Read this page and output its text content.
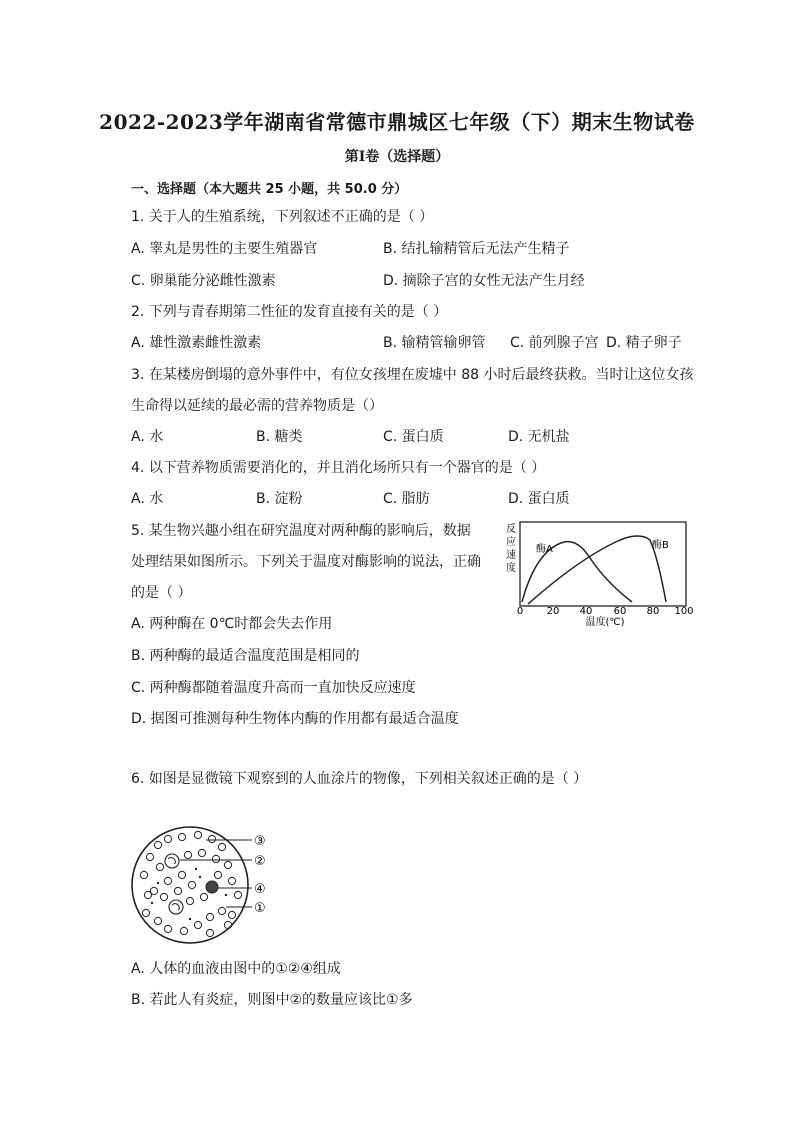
2022-2023学年湖南省常德市鼎城区七年级（下）期末生物试卷
第Ⅰ卷（选择题）
一、选择题（本大题共 25 小题，共 50.0 分）
1. 关于人的生殖系统，下列叙述不正确的是（ ）
A. 睾丸是男性的主要生殖器官	B. 结扎输精管后无法产生精子
C. 卵巢能分泌雌性激素	D. 摘除子宫的女性无法产生月经
2. 下列与青春期第二性征的发育直接有关的是（ ）
A. 雄性激素雌性激素	B. 输精管输卵管 C. 前列腺子宫 D. 精子卵子
3. 在某楼房倒塌的意外事件中，有位女孩埋在废墟中 88 小时后最终获救。当时让这位女孩
生命得以延续的最必需的营养物质是（）
A. 水	B. 糖类	C. 蛋白质	D. 无机盐
4. 以下营养物质需要消化的，并且消化场所只有一个器官的是（ ）
A. 水	B. 淀粉	C. 脂肪	D. 蛋白质
5. 某生物兴趣小组在研究温度对两种酶的影响后，数据
处理结果如图所示。下列关于温度对酶影响的说法，正确
的是（ ）
A. 两种酶在 0℃时都会失去作用
B. 两种酶的最适合温度范围是相同的
C. 两种酶都随着温度升高而一直加快反应速度
D. 据图可推测每种生物体内酶的作用都有最适合温度
反
应
速
度
酶A	酶B
0 20 40 60 80 100
温度(℃)
6. 如图是显微镜下观察到的人血涂片的物像，下列相关叙述正确的是（ ）
③
②
④
①
A. 人体的血液由图中的①②④组成
B. 若此人有炎症，则图中②的数量应该比①多
